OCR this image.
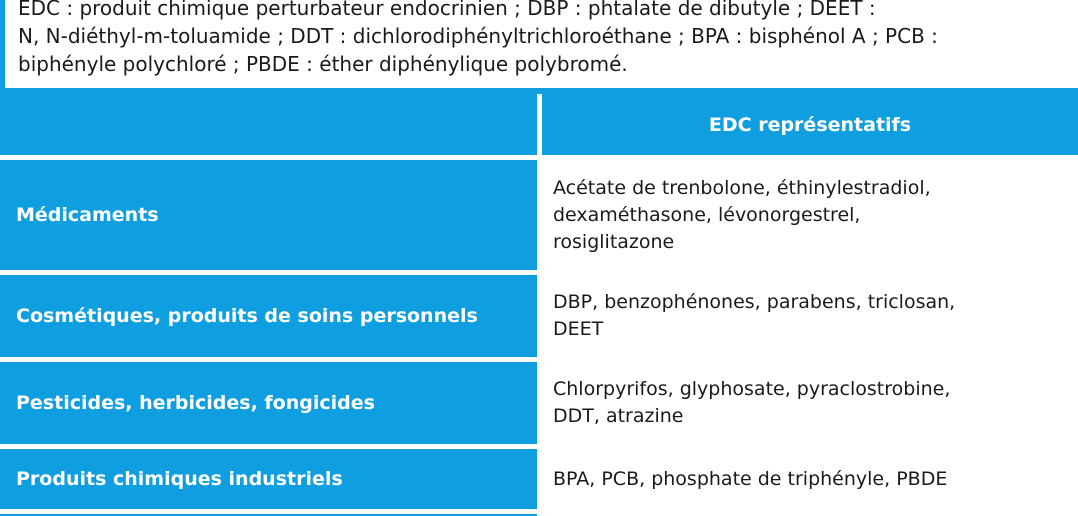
EDC : produit chimique perturbateur endocrinien ; DBP : phtalate de dibutyle ; DEET :
N, N-diéthyl-m-toluamide ; DDT : dichlorodiphényltrichloroéthane ; BPA : bisphénol A ; PCB :
biphényle polychloré ; PBDE : éther diphénylique polybromé.
EDC représentatifs
Médicaments
Acétate de trenbolone, éthinylestradiol,
dexaméthasone, lévonorgestrel,
rosiglitazone
Cosmétiques, produits de soins personnels
DBP, benzophénones, parabens, triclosan,
DEET
Pesticides, herbicides, fongicides
Chlorpyrifos, glyphosate, pyraclostrobine,
DDT, atrazine
Produits chimiques industriels	BPA, PCB, phosphate de triphényle, PBDE
